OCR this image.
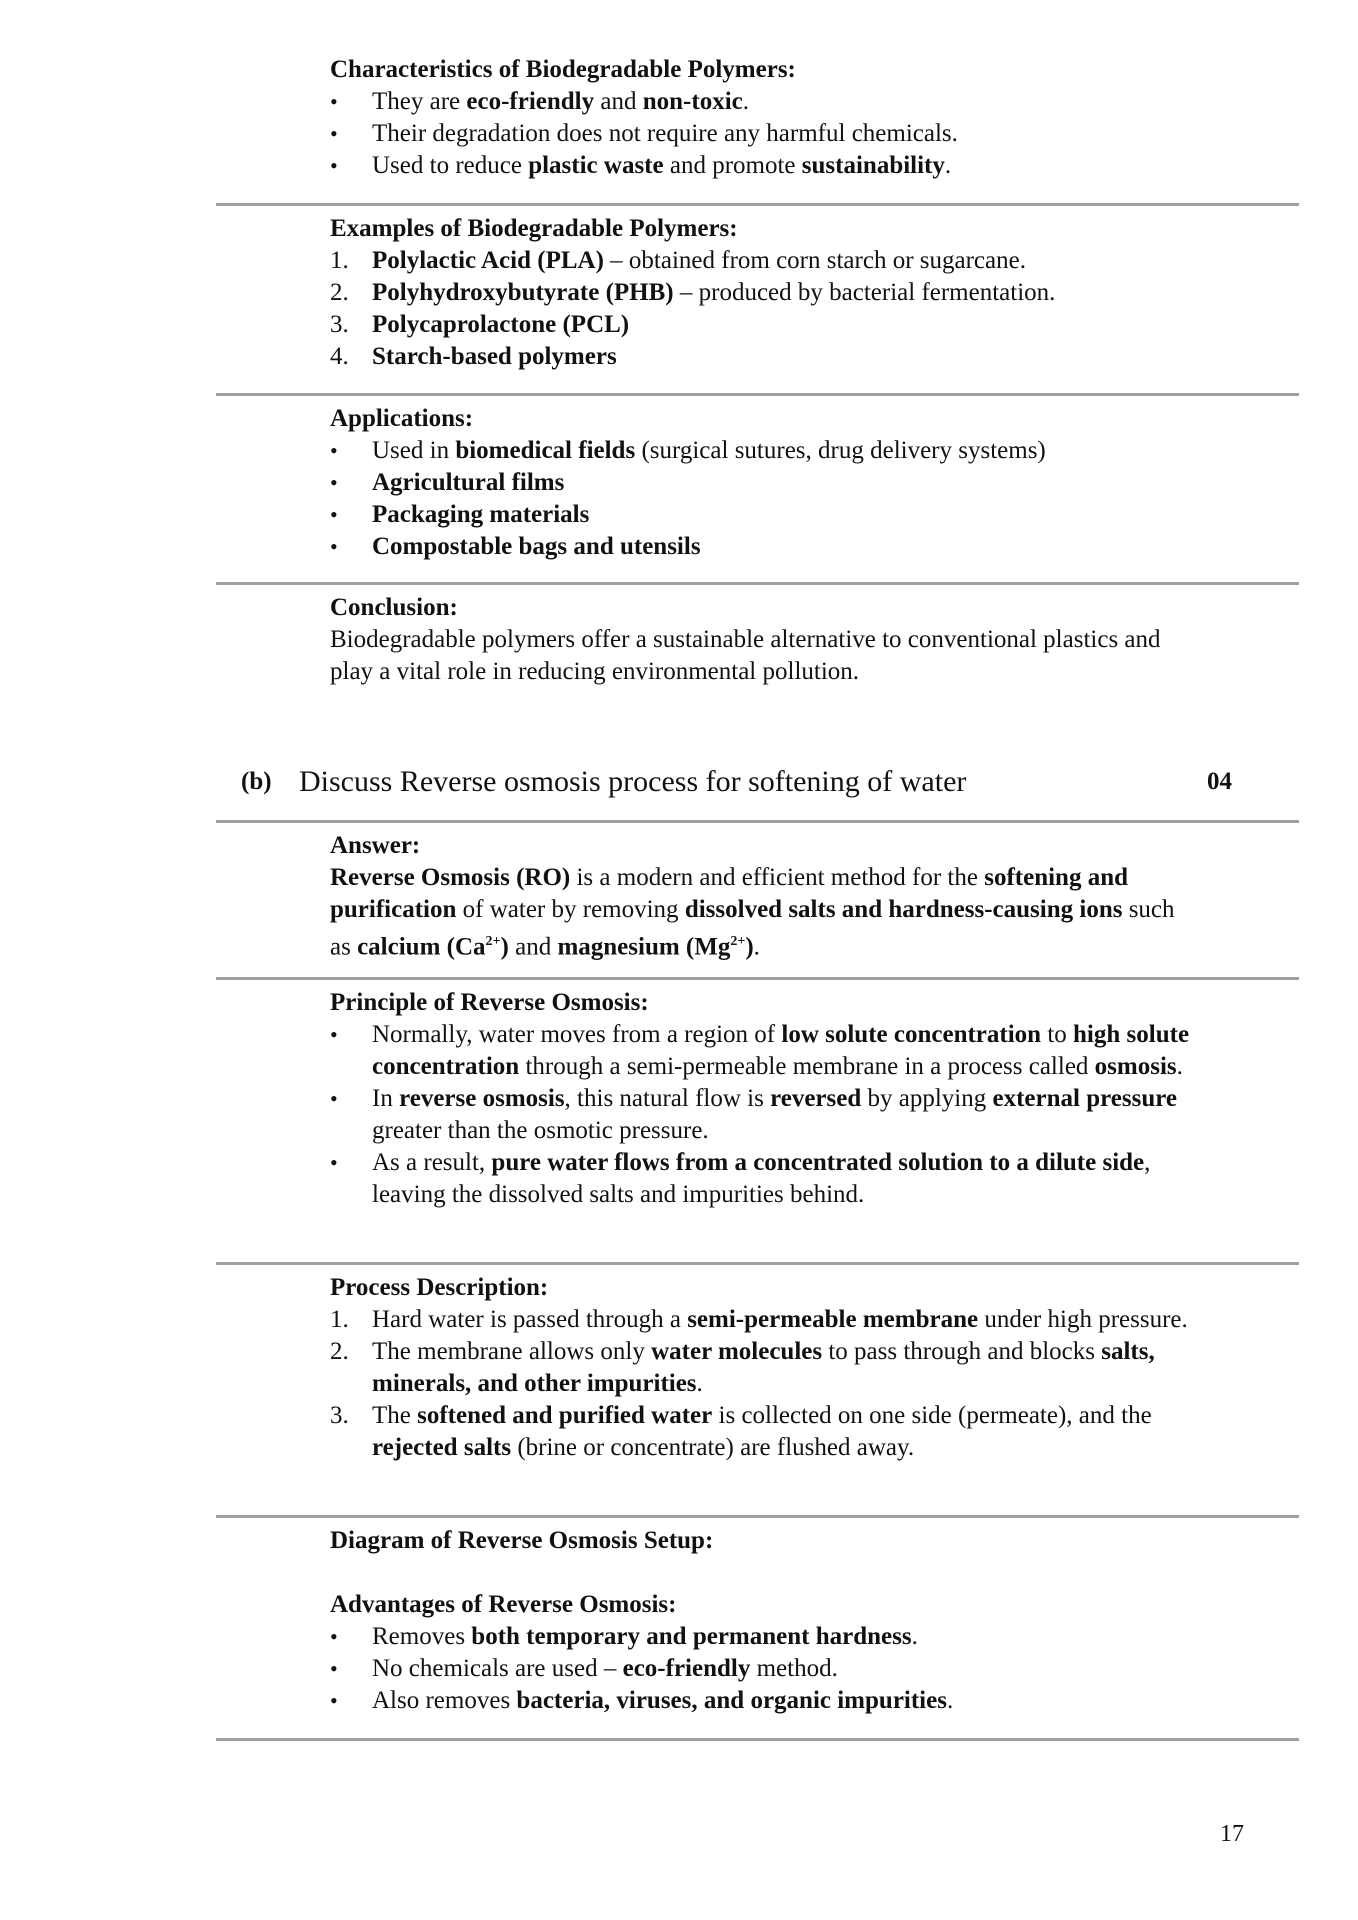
Characteristics of Biodegradable Polymers:
• They are eco-friendly and non-toxic.
• Their degradation does not require any harmful chemicals.
• Used to reduce plastic waste and promote sustainability.
Examples of Biodegradable Polymers:
1. Polylactic Acid (PLA) – obtained from corn starch or sugarcane.
2. Polyhydroxybutyrate (PHB) – produced by bacterial fermentation.
3. Polycaprolactone (PCL)
4. Starch-based polymers
Applications:
• Used in biomedical fields (surgical sutures, drug delivery systems)
• Agricultural films
• Packaging materials
• Compostable bags and utensils
Conclusion:
Biodegradable polymers offer a sustainable alternative to conventional plastics and play a vital role in reducing environmental pollution.
(b) Discuss Reverse osmosis process for softening of water	04
Answer:
Reverse Osmosis (RO) is a modern and efficient method for the softening and purification of water by removing dissolved salts and hardness-causing ions such as calcium $(Ca^{2+})$ and magnesium $(Mg^{2+})$.
Principle of Reverse Osmosis:
• Normally, water moves from a region of low solute concentration to high solute concentration through a semi-permeable membrane in a process called osmosis.
• In reverse osmosis, this natural flow is reversed by applying external pressure greater than the osmotic pressure.
• As a result, pure water flows from a concentrated solution to a dilute side, leaving the dissolved salts and impurities behind.
Process Description:
1. Hard water is passed through a semi-permeable membrane under high pressure.
2. The membrane allows only water molecules to pass through and blocks salts, minerals, and other impurities.
3. The softened and purified water is collected on one side (permeate), and the rejected salts (brine or concentrate) are flushed away.
Diagram of Reverse Osmosis Setup:
Advantages of Reverse Osmosis:
• Removes both temporary and permanent hardness.
• No chemicals are used – eco-friendly method.
• Also removes bacteria, viruses, and organic impurities.
17
